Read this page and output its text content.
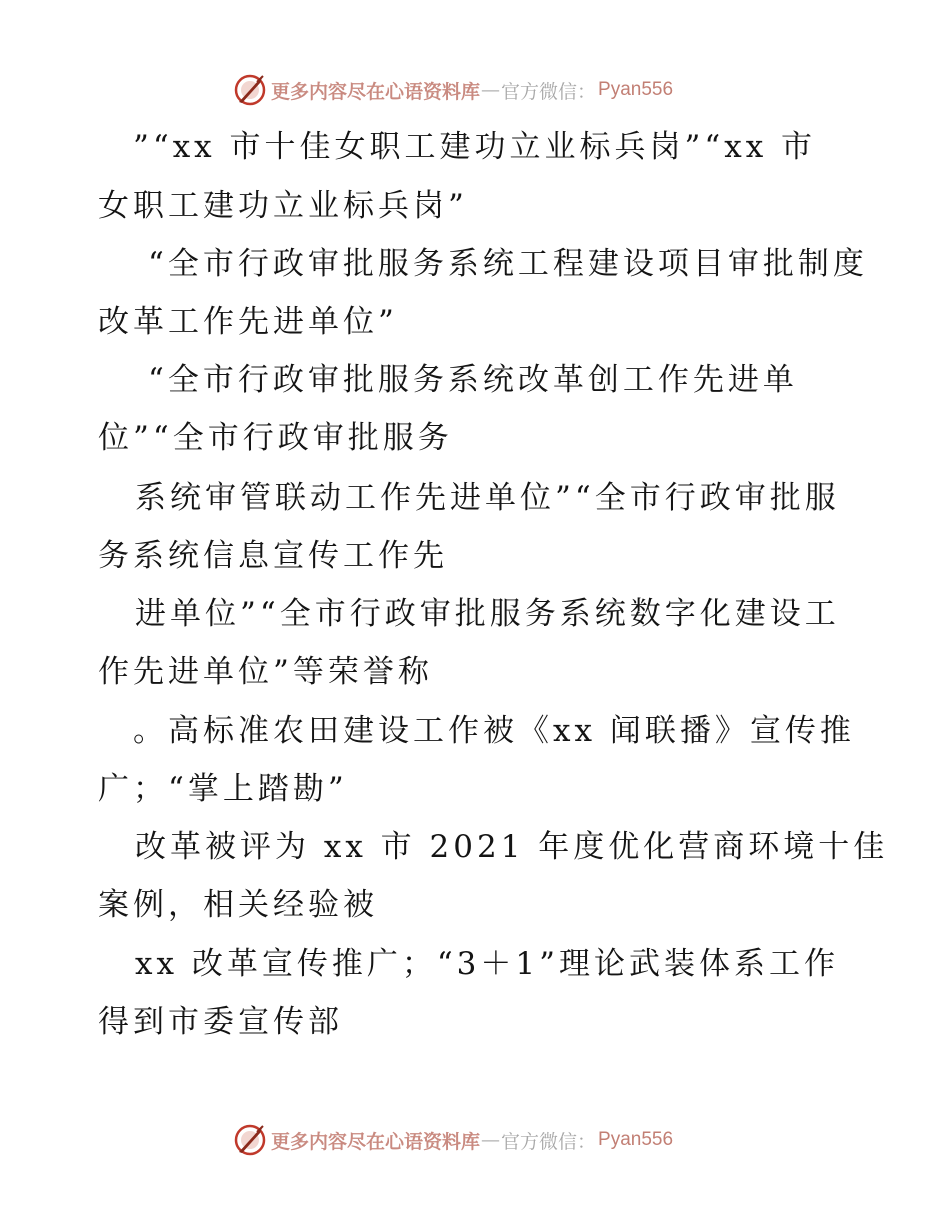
更多内容尽在心语资料库 — 官方微信： Pyan556
”“xx 市十佳女职工建功立业标兵岗”“xx 市
女职工建功立业标兵岗”
“全市行政审批服务系统工程建设项目审批制度
改革工作先进单位”
“全市行政审批服务系统改革创工作先进单
位”“全市行政审批服务
系统审管联动工作先进单位”“全市行政审批服
务系统信息宣传工作先
进单位”“全市行政审批服务系统数字化建设工
作先进单位”等荣誉称
。高标准农田建设工作被《xx 闻联播》宣传推
广；“掌上踏勘”
改革被评为 xx 市 2021 年度优化营商环境十佳
案例，相关经验被
xx 改革宣传推广；“3＋1”理论武装体系工作
得到市委宣传部
更多内容尽在心语资料库 — 官方微信： Pyan556
